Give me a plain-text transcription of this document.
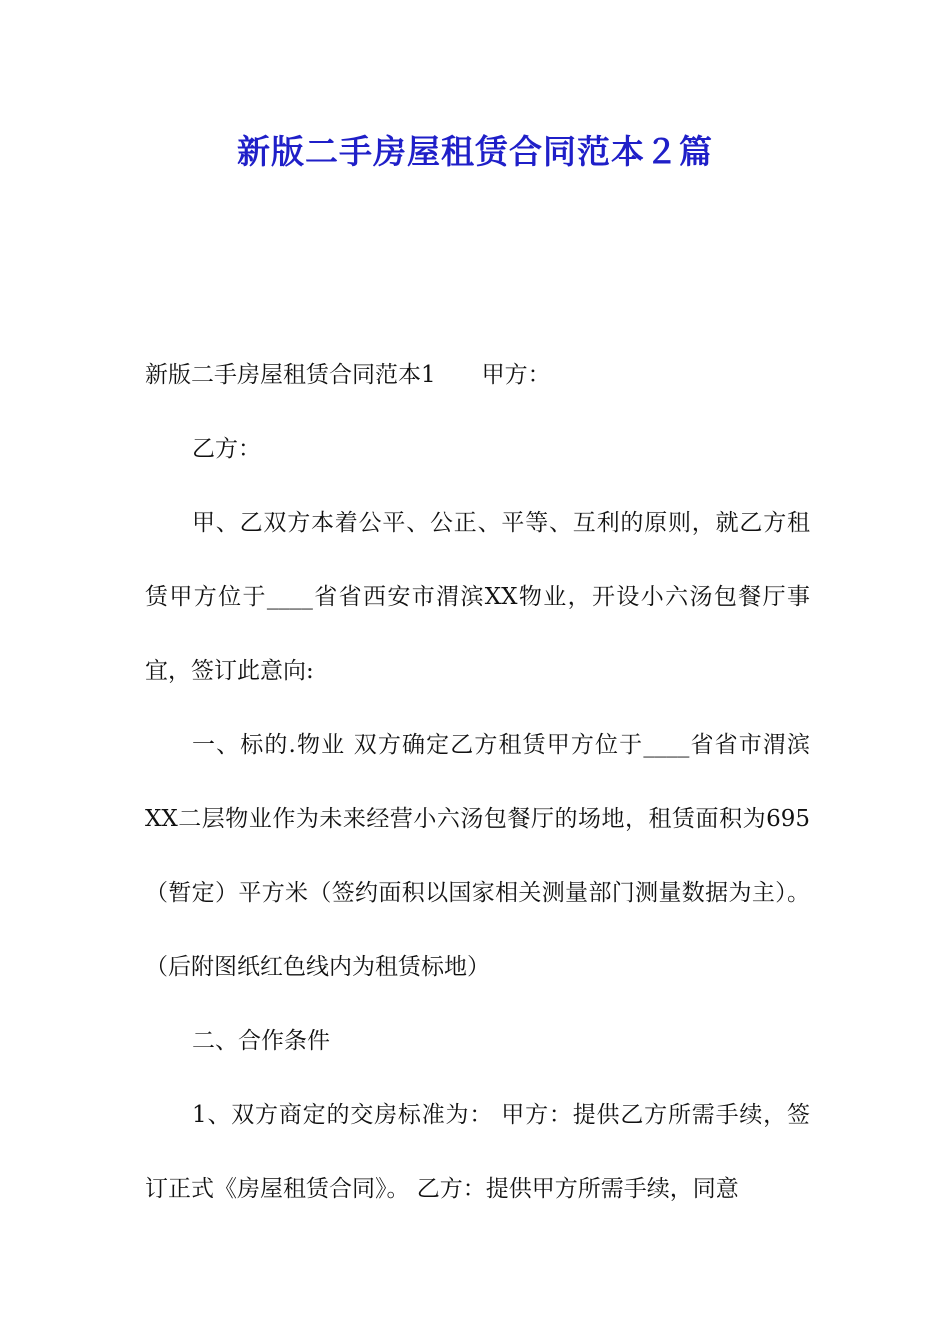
新版二手房屋租赁合同范本２篇

新版二手房屋租赁合同范本1　　甲方：

乙方：

甲、乙双方本着公平、公正、平等、互利的原则，就乙方租赁甲方位于____省省西安市渭滨XX物业，开设小六汤包餐厅事宜，签订此意向:

一、标的.物业 双方确定乙方租赁甲方位于____省省市渭滨XX二层物业作为未来经营小六汤包餐厅的场地，租赁面积为695（暂定）平方米（签约面积以国家相关测量部门测量数据为主）。（后附图纸红色线内为租赁标地）

二、合作条件

1、双方商定的交房标准为： 甲方：提供乙方所需手续，签订正式《房屋租赁合同》。 乙方：提供甲方所需手续，同意
